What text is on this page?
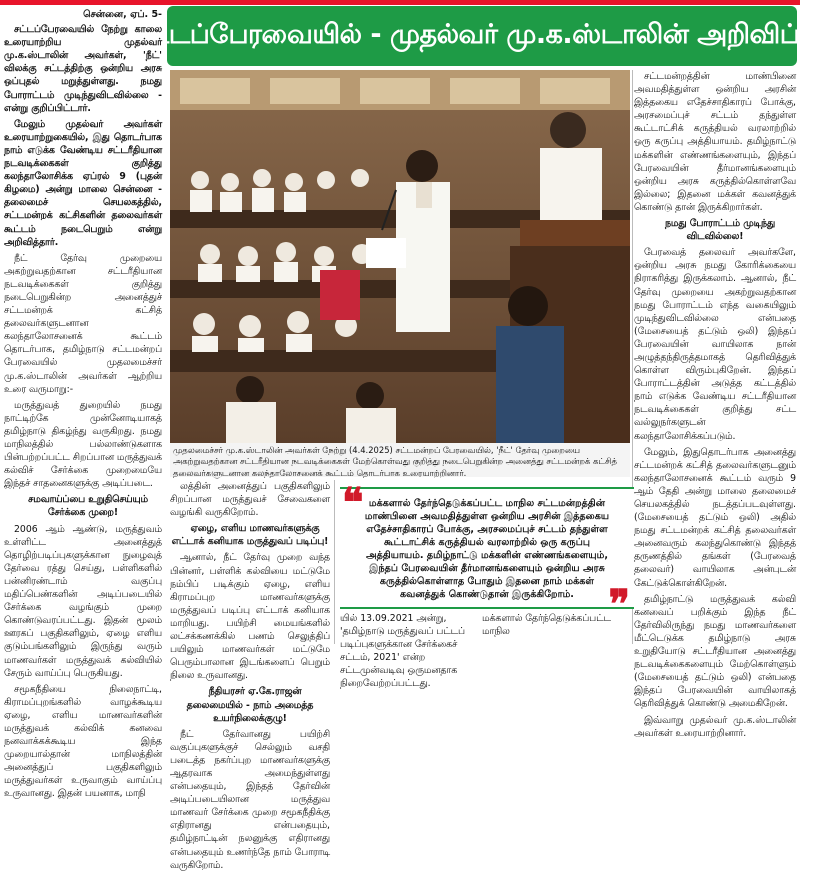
சட்டப்பேரவையில் - முதல்வர் மு.க.ஸ்டாலின் அறிவிப்பு!
சென்னை, ஏப். 5-

சட்டப்பேரவையில் நேற்று காலை உரையாற்றிய முதல்வர் மு.க.ஸ்டாலின் அவர்கள், 'நீட்' விலக்கு சட்டத்திற்கு ஒன்றிய அரசு ஒப்புதல் மறுத்துள்ளது. நமது போராட்டம் முடிந்துவிடவில்லை - என்று குறிப்பிட்டார்.

மேலும் முதல்வர் அவர்கள் உரையாற்றுகையில், இது தொடர்பாக நாம் எடுக்க வேண்டிய சட்டரீதியான நடவடிக்கைகள் குறித்து கலந்தாலோசிக்க ஏப்ரல் 9 (புதன் கிழமை) அன்று மாலை சென்னை - தலைமைச் செயலகத்தில், சட்டமன்றக் கட்சிகளின் தலைவர்கள் கூட்டம் நடைபெறும் என்று அறிவித்தார்.

நீட் தேர்வு முறையை அகற்றுவதற்கான சட்டரீதியான நடவடிக்கைகள் குறித்து நடைபெறுகின்ற அனைத்துச் சட்டமன்றக் கட்சித் தலைவர்களுடனான கலந்தாலோசனைக் கூட்டம் தொடர்பாக, தமிழ்நாடு சட்டமன்றப் பேரவையில் முதலமைச்சர் மு.க.ஸ்டாலின் அவர்கள் ஆற்றிய உரை வருமாறு:-

மருத்துவத் துறையில் நமது நாட்டிற்கே முன்னோடியாகத் தமிழ்நாடு திகழ்ந்து வருகிறது. நமது மாநிலத்தில் பல்லாண்டுகளாக பின்பற்றப்பட்ட சிறப்பான மருத்துவக் கல்விச் சேர்க்கை முறைமையே இந்தச் சாதனைகளுக்கு அடிப்படை.

சமவாய்ப்பை உறுதிசெய்யும் சேர்க்கை முறை!

2006 ஆம் ஆண்டு, மருத்துவம் உள்ளிட்ட அனைத்துத் தொழிற்படிப்புகளுக்கான நுழைவுத் தேர்வை ரத்து செய்து, பள்ளிகளில் பன்னிரண்டாம் வகுப்பு மதிப்பெண்களின் அடிப்படையில் சேர்க்கை வழங்கும் முறை கொண்டுவரப்பட்டது. இதன் மூலம் ஊரகப் பகுதிகளிலும், ஏழை எளிய குடும்பங்களிலும் இருந்து வரும் மாணவர்கள் மருத்துவக் கல்வியில் சேரும் வாய்ப்பு பெருகியது.

சமூகநீதியை நிலைநாட்டி, கிராமப்புறங்களில் வாழக்கூடிய ஏழை, எளிய மாணவர்களின் மருத்துவக் கல்விக் கனவை நனவாக்கக்கூடிய இந்த முறையால்தான் மாநிலத்தின் அனைத்துப் பகுதிகளிலும் மருத்துவர்கள் உருவாகும் வாய்ப்பு உருவானது. இதன் பயனாக, மாநி

முதலமைச்சர் மு.க.ஸ்டாலின் அவர்கள் நேற்று (4.4.2025) சட்டமன்றப் பேரவையில், 'நீட்' தேர்வு முறையை அகற்றுவதற்கான சட்டரீதியான நடவடிக்கைகள் மேற்கொள்வது குறித்து நடைபெறுகின்ற அனைத்து சட்டமன்றக் கட்சித் தலைவர்களுடனான கலந்தாலோசனைக் கூட்டம் தொடர்பாக உரையாற்றினார்.

லத்தின் அனைத்துப் பகுதிகளிலும் சிறப்பான மருத்துவச் சேவைகளை வழங்கி வருகிறோம்.

ஏழை, எளிய மாணவர்களுக்கு எட்டாக் கனியாக மருத்துவப் படிப்பு!

ஆனால், நீட் தேர்வு முறை வந்த பின்னர், பள்ளிக் கல்வியை மட்டுமே நம்பிப் படிக்கும் ஏழை, எளிய கிராமப்புற மாணவர்களுக்கு மருத்துவப் படிப்பு எட்டாக் கனியாக மாறியது. பயிற்சி மையங்களில் லட்சக்கணக்கில் பணம் செலுத்திப் பயிலும் மாணவர்கள் மட்டுமே பெரும்பாலான இடங்களைப் பெறும் நிலை உருவானது.

நீதியரசர் ஏ.கே.ராஜன் தலைமையில் - நாம் அமைத்த உயர்நிலைக்குழு!

நீட் தேர்வானது பயிற்சி வகுப்புகளுக்குச் செல்லும் வசதி படைத்த நகர்ப்புற மாணவர்களுக்கு ஆதரவாக அமைந்துள்ளது என்பதையும், இந்தத் தேர்வின் அடிப்படையிலான மருத்துவ மாணவர் சேர்க்கை முறை சமூகநீதிக்கு எதிரானது என்பதையும், தமிழ்நாட்டின் நலனுக்கு எதிரானது என்பதையும் உணர்ந்தே நாம் போராடி வருகிறோம்.

❝ மக்களால் தேர்ந்தெடுக்கப்பட்ட மாநில சட்டமன்றத்தின் மாண்பினை அவமதித்துள்ள ஒன்றிய அரசின் இத்தகைய எதேச்சாதிகாரப் போக்கு, அரசமைப்புச் சட்டம் தந்துள்ள கூட்டாட்சிக் கருத்தியல் வரலாற்றில் ஒரு கருப்பு அத்தியாயம். தமிழ்நாட்டு மக்களின் எண்ணங்களையும், இந்தப் பேரவையின் தீர்மானங்களையும் ஒன்றிய அரசு கருத்தில்கொள்ளாத போதும் இதனை நாம் மக்கள் கவனத்துக் கொண்டுதான் இருக்கிறோம். ❞
யில் 13.09.2021 அன்று, 'தமிழ்நாடு மருத்துவப் பட்டப் படிப்புகளுக்கான சேர்க்கைச் சட்டம், 2021' என்ற சட்டமுன்வடிவு ஒருமனதாக நிறைவேற்றப்பட்டது.
மக்களால் தேர்ந்தெடுக்கப்பட்ட மாநில

சட்டமன்றத்தின் மாண்பினை அவமதித்துள்ள ஒன்றிய அரசின் இத்தகைய எதேச்சாதிகாரப் போக்கு, அரசமைப்புச் சட்டம் தந்துள்ள கூட்டாட்சிக் கருத்தியல் வரலாற்றில் ஒரு கருப்பு அத்தியாயம். தமிழ்நாட்டு மக்களின் எண்ணங்களையும், இந்தப் பேரவையின் தீர்மானங்களையும் ஒன்றிய அரசு கருத்தில்கொள்ளவே இல்லை; இதனை மக்கள் கவனத்துக் கொண்டு தான் இருக்கிறார்கள்.

நமது போராட்டம் முடிந்து விடவில்லை!

பேரவைத் தலைவர் அவர்களே, ஒன்றிய அரசு நமது கோரிக்கையை நிராகரித்து இருக்கலாம். ஆனால், நீட் தேர்வு முறையை அகற்றுவதற்கான நமது போராட்டம் எந்த வகையிலும் முடிந்துவிடவில்லை என்பதை (மேசையைத் தட்டும் ஒலி) இந்தப் பேரவையின் வாயிலாக நான் அழுத்தந்திருத்தமாகத் தெரிவித்துக் கொள்ள விரும்புகிறேன். இந்தப் போராட்டத்தின் அடுத்த கட்டத்தில் நாம் எடுக்க வேண்டிய சட்டரீதியான நடவடிக்கைகள் குறித்து சட்ட வல்லுநர்களுடன் கலந்தாலோசிக்கப்படும்.

மேலும், இதுதொடர்பாக அனைத்து சட்டமன்றக் கட்சித் தலைவர்களுடனும் கலந்தாலோசனைக் கூட்டம் வரும் 9 ஆம் தேதி அன்று மாலை தலைமைச் செயலகத்தில் நடத்தப்படவுள்ளது. (மேசையைத் தட்டும் ஒலி) அதில் நமது சட்டமன்றக் கட்சித் தலைவர்கள் அனைவரும் கலந்துகொண்டு இந்தத் தருணத்தில் தங்கள் (பேரவைத் தலைவர்) வாயிலாக அன்புடன் கேட்டுக்கொள்கிறேன்.

தமிழ்நாட்டு மருத்துவக் கல்வி கனவைப் பறிக்கும் இந்த நீட் தேர்விலிருந்து நமது மாணவர்களை மீட்டெடுக்க தமிழ்நாடு அரசு உறுதியோடு சட்டரீதியான அனைத்து நடவடிக்கைகளையும் மேற்கொள்ளும் (மேசையைத் தட்டும் ஒலி) என்பதை இந்தப் பேரவையின் வாயிலாகத் தெரிவித்துக் கொண்டு அமைகிறேன்.

இவ்வாறு முதல்வர் மு.க.ஸ்டாலின் அவர்கள் உரையாற்றினார்.
